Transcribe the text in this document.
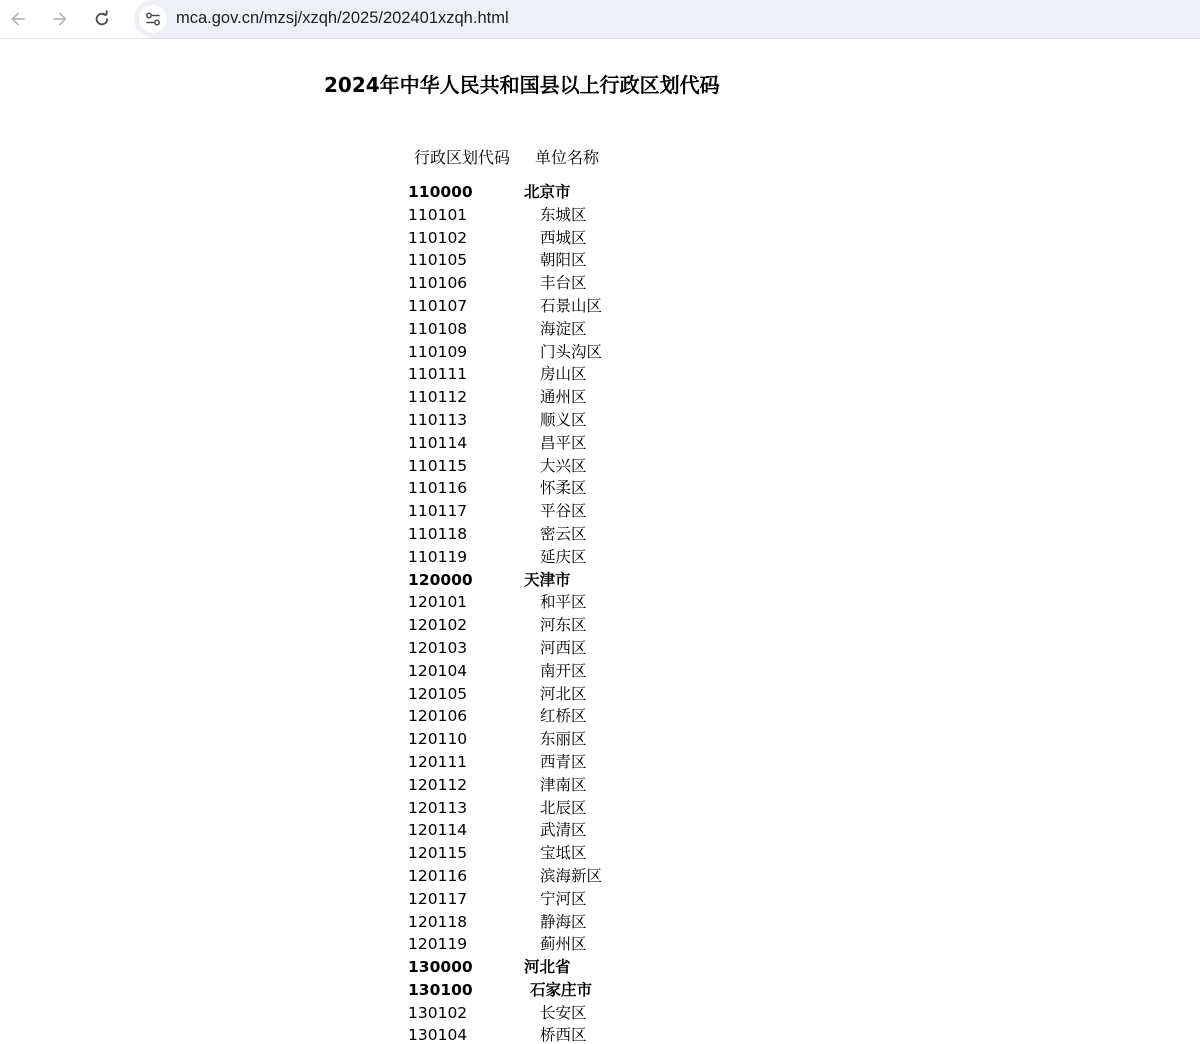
mca.gov.cn/mzsj/xzqh/2025/202401xzqh.html
2024年中华人民共和国县以上行政区划代码
行政区划代码 单位名称
110000	北京市
110101	东城区
110102	西城区
110105	朝阳区
110106	丰台区
110107	石景山区
110108	海淀区
110109	门头沟区
110111	房山区
110112	通州区
110113	顺义区
110114	昌平区
110115	大兴区
110116	怀柔区
110117	平谷区
110118	密云区
110119	延庆区
120000	天津市
120101	和平区
120102	河东区
120103	河西区
120104	南开区
120105	河北区
120106	红桥区
120110	东丽区
120111	西青区
120112	津南区
120113	北辰区
120114	武清区
120115	宝坻区
120116	滨海新区
120117	宁河区
120118	静海区
120119	蓟州区
130000	河北省
130100	石家庄市
130102	长安区
130104	桥西区
